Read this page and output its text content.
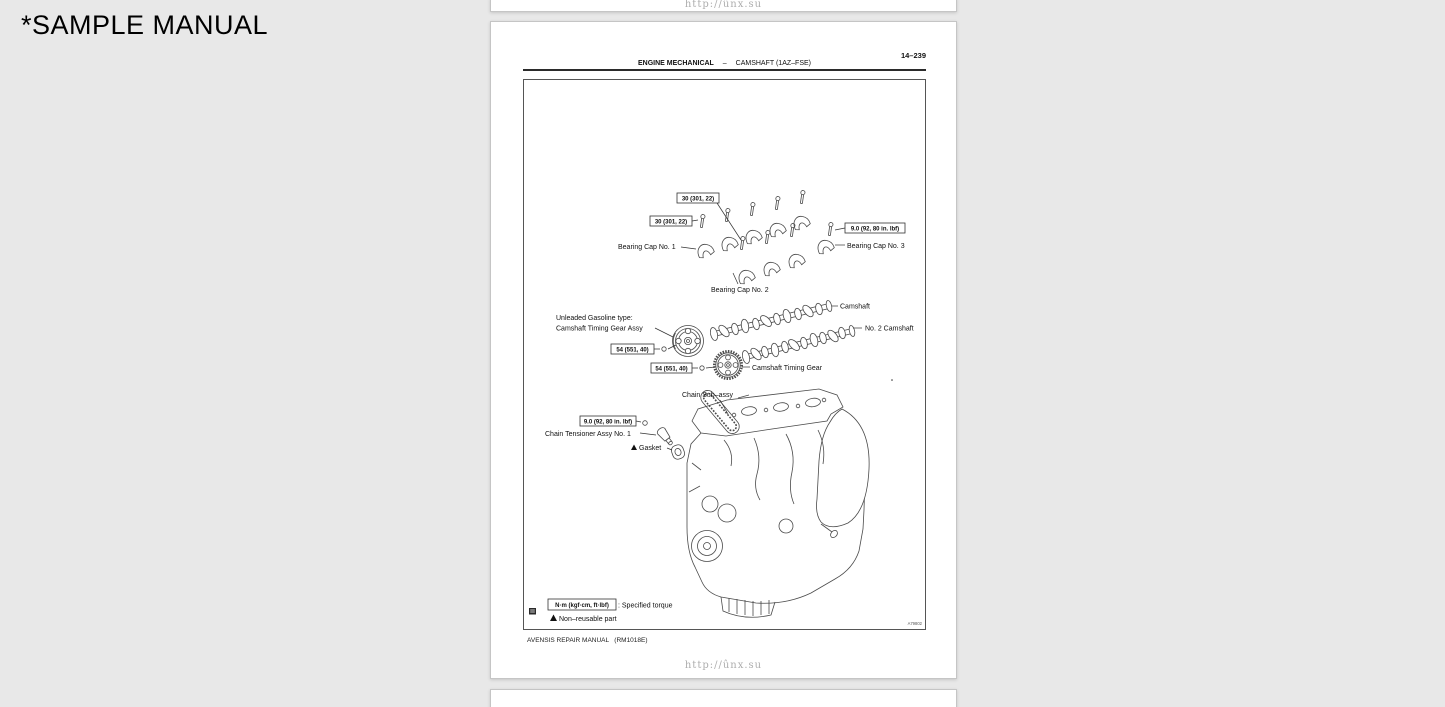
*SAMPLE MANUAL
http://ûnx.su
14–239
ENGINE MECHANICAL – CAMSHAFT (1AZ–FSE)
30 (301, 22)
30 (301, 22)
9.0 (92, 80 in. lbf)
54 (551, 40)
54 (551, 40)
9.0 (92, 80 in. lbf)
Bearing Cap No. 1
Bearing Cap No. 2
Bearing Cap No. 3
Camshaft
No. 2 Camshaft
Unleaded Gasoline type:
Camshaft Timing Gear Assy
Camshaft Timing Gear
Chain Sub–assy
Chain Tensioner Assy No. 1
Gasket
N·m (kgf·cm, ft·lbf) : Specified torque
Non–reusable part
A79802
AVENSIS REPAIR MANUAL   (RM1018E)
http://ûnx.su
